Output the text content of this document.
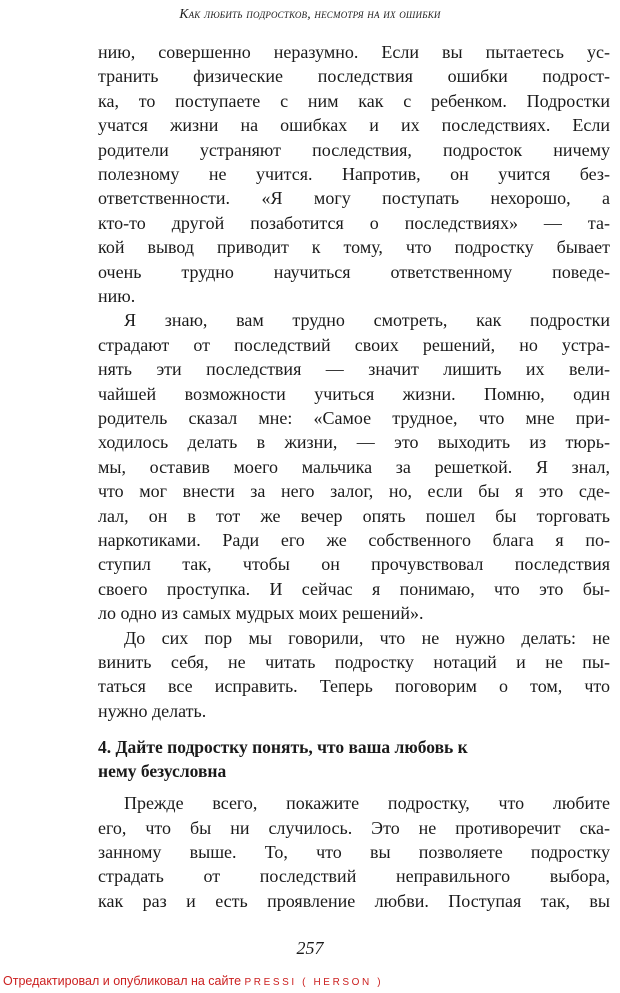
Как любить подростков, несмотря на их ошибки
нию, совершенно неразумно. Если вы пытаетесь ус-
транить физические последствия ошибки подрост-
ка, то поступаете с ним как с ребенком. Подростки
учатся жизни на ошибках и их последствиях. Если
родители устраняют последствия, подросток ничему
полезному не учится. Напротив, он учится без-
ответственности. «Я могу поступать нехорошо, а
кто-то другой позаботится о последствиях» — та-
кой вывод приводит к тому, что подростку бывает
очень трудно научиться ответственному поведе-
нию.
Я знаю, вам трудно смотреть, как подростки
страдают от последствий своих решений, но устра-
нять эти последствия — значит лишить их вели-
чайшей возможности учиться жизни. Помню, один
родитель сказал мне: «Самое трудное, что мне при-
ходилось делать в жизни, — это выходить из тюрь-
мы, оставив моего мальчика за решеткой. Я знал,
что мог внести за него залог, но, если бы я это сде-
лал, он в тот же вечер опять пошел бы торговать
наркотиками. Ради его же собственного блага я по-
ступил так, чтобы он прочувствовал последствия
своего проступка. И сейчас я понимаю, что это бы-
ло одно из самых мудрых моих решений».
До сих пор мы говорили, что не нужно делать: не
винить себя, не читать подростку нотаций и не пы-
таться все исправить. Теперь поговорим о том, что
нужно делать.
4. Дайте подростку понять, что ваша любовь к
нему безусловна
Прежде всего, покажите подростку, что любите
его, что бы ни случилось. Это не противоречит ска-
занному выше. То, что вы позволяете подростку
страдать от последствий неправильного выбора,
как раз и есть проявление любви. Поступая так, вы
257
Отредактировал и опубликовал на сайте PRESSI ( HERSON )
